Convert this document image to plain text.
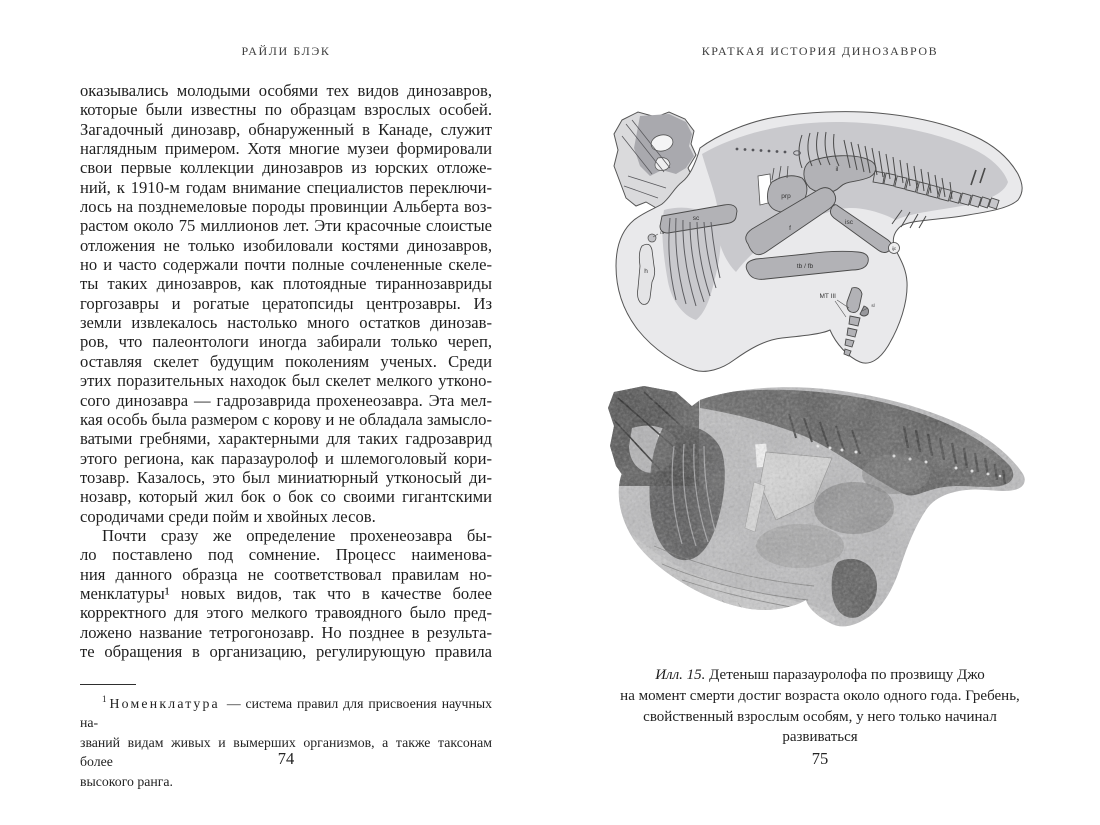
РАЙЛИ БЛЭК
оказывались молодыми особями тех видов динозавров,
которые были известны по образцам взрослых особей.
Загадочный динозавр, обнаруженный в Канаде, служит
наглядным примером. Хотя многие музеи формировали
свои первые коллекции динозавров из юрских отложе-
ний, к 1910-м годам внимание специалистов переключи-
лось на позднемеловые породы провинции Альберта воз-
растом около 75 миллионов лет. Эти красочные слоистые
отложения не только изобиловали костями динозавров,
но и часто содержали почти полные сочлененные скеле-
ты таких динозавров, как плотоядные тираннозавриды
горгозавры и рогатые цератопсиды центрозавры. Из
земли извлекалось настолько много остатков динозав-
ров, что палеонтологи иногда забирали только череп,
оставляя скелет будущим поколениям ученых. Среди
этих поразительных находок был скелет мелкого утконо-
сого динозавра — гадрозаврида прохенеозавра. Эта мел-
кая особь была размером с корову и не обладала замысло-
ватыми гребнями, характерными для таких гадрозаврид
этого региона, как паразауролоф и шлемоголовый кори-
тозавр. Казалось, это был миниатюрный утконосый ди-
нозавр, который жил бок о бок со своими гигантскими
сородичами среди пойм и хвойных лесов.
Почти сразу же определение прохенеозавра бы-
ло поставлено под сомнение. Процесс наименова-
ния данного образца не соответствовал правилам но-
менклатуры¹ новых видов, так что в качестве более
корректного для этого мелкого травоядного было пред-
ложено название тетрогонозавр. Но позднее в результа-
те обращения в организацию, регулирующую правила
$^1$ Номенклатура — система правил для присвоения научных на-
званий видам живых и вымерших организмов, а также таксонам более
высокого ранга.
74
КРАТКАЯ ИСТОРИЯ ДИНОЗАВРОВ
sc
h
ra
prp
f
il
isc
tb / fb
MT III
sl
ijc
Илл. 15. Детеныш паразауролофа по прозвищу Джо
на момент смерти достиг возраста около одного года. Гребень,
свойственный взрослым особям, у него только начинал
развиваться
75
